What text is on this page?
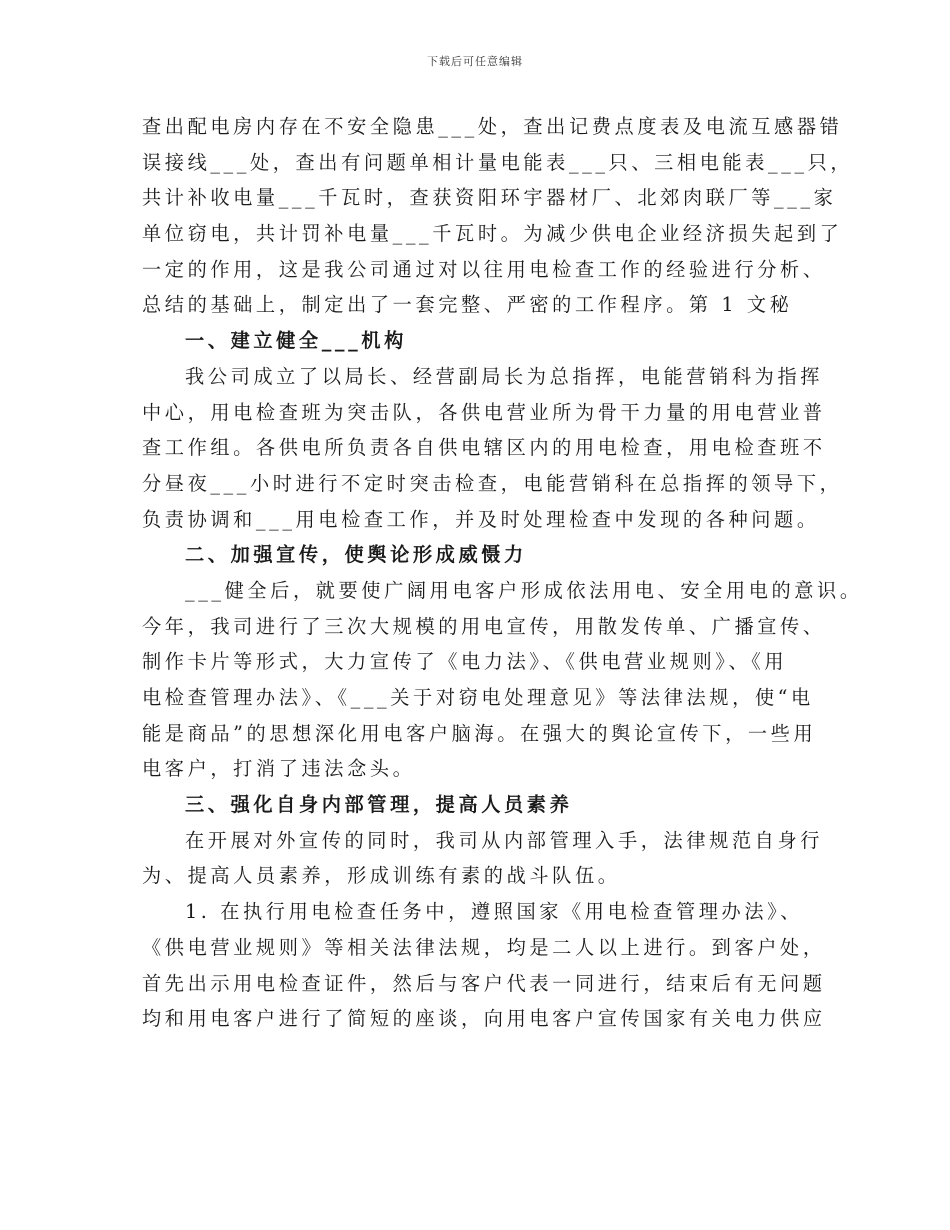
下载后可任意编辑
查出配电房内存在不安全隐患___处，查出记费点度表及电流互感器错
误接线___处，查出有问题单相计量电能表___只、三相电能表___只，
共计补收电量___千瓦时，查获资阳环宇器材厂、北郊肉联厂等___家
单位窃电，共计罚补电量___千瓦时。为减少供电企业经济损失起到了
一定的作用，这是我公司通过对以往用电检查工作的经验进行分析、
总结的基础上，制定出了一套完整、严密的工作程序。第 1 文秘
一、建立健全___机构
我公司成立了以局长、经营副局长为总指挥，电能营销科为指挥
中心，用电检查班为突击队，各供电营业所为骨干力量的用电营业普
查工作组。各供电所负责各自供电辖区内的用电检查，用电检查班不
分昼夜___小时进行不定时突击检查，电能营销科在总指挥的领导下，
负责协调和___用电检查工作，并及时处理检查中发现的各种问题。
二、加强宣传，使舆论形成威慑力
___健全后，就要使广阔用电客户形成依法用电、安全用电的意识。
今年，我司进行了三次大规模的用电宣传，用散发传单、广播宣传、
制作卡片等形式，大力宣传了《电力法》、《供电营业规则》、《用
电检查管理办法》、《___关于对窃电处理意见》等法律法规，使“电
能是商品”的思想深化用电客户脑海。在强大的舆论宣传下，一些用
电客户，打消了违法念头。
三、强化自身内部管理，提高人员素养
在开展对外宣传的同时，我司从内部管理入手，法律规范自身行
为、提高人员素养，形成训练有素的战斗队伍。
1. 在执行用电检查任务中，遵照国家《用电检查管理办法》、
《供电营业规则》等相关法律法规，均是二人以上进行。到客户处，
首先出示用电检查证件，然后与客户代表一同进行，结束后有无问题
均和用电客户进行了简短的座谈，向用电客户宣传国家有关电力供应
